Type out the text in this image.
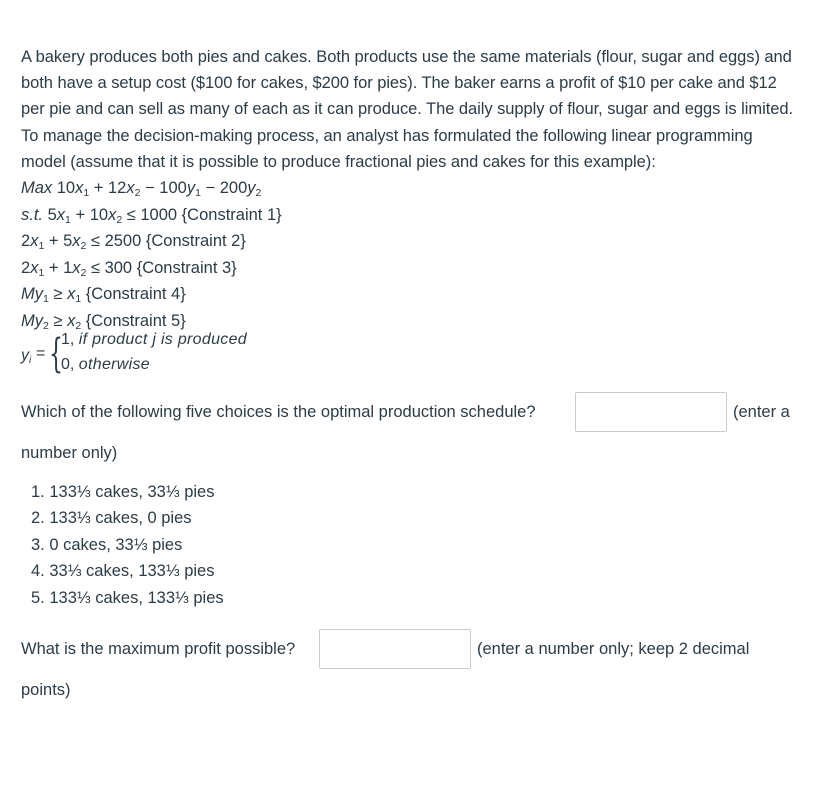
A bakery produces both pies and cakes. Both products use the same materials (flour, sugar and eggs) and both have a setup cost ($100 for cakes, $200 for pies). The baker earns a profit of $10 per cake and $12 per pie and can sell as many of each as it can produce. The daily supply of flour, sugar and eggs is limited. To manage the decision-making process, an analyst has formulated the following linear programming model (assume that it is possible to produce fractional pies and cakes for this example):

Max $10x_1 + 12x_2 - 100y_1 - 200y_2$
s.t. $5x_1 + 10x_2 \le 1000$ {Constraint 1}
$2x_1 + 5x_2 \le 2500$ {Constraint 2}
$2x_1 + 1x_2 \le 300$ {Constraint 3}
$My_1 \ge x_1$ {Constraint 4}
$My_2 \ge x_2$ {Constraint 5}
$y_i$ = {
1, if product j is produced
0, otherwise
Which of the following five choices is the optimal production schedule?	(enter a
number only)
1. 133⅓ cakes, 33⅓ pies
2. 133⅓ cakes, 0 pies
3. 0 cakes, 33⅓ pies
4. 33⅓ cakes, 133⅓ pies
5. 133⅓ cakes, 133⅓ pies
What is the maximum profit possible?	(enter a number only; keep 2 decimal
points)
